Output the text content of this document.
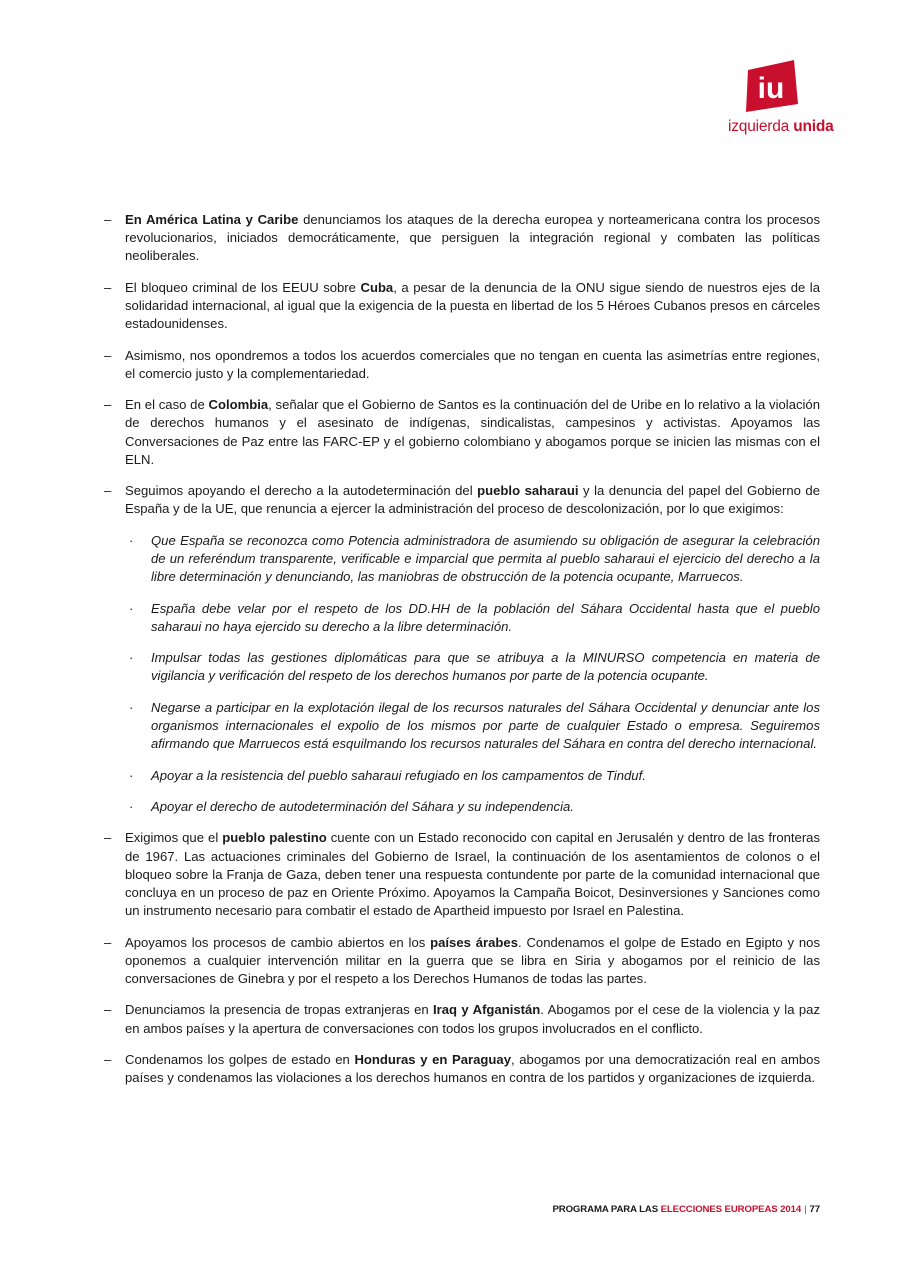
iu
izquierda unida
– En América Latina y Caribe denunciamos los ataques de la derecha europea y norteamericana contra los procesos revolucionarios, iniciados democráticamente, que persiguen la integración regional y combaten las políticas neoliberales.
– El bloqueo criminal de los EEUU sobre Cuba, a pesar de la denuncia de la ONU sigue siendo de nuestros ejes de la solidaridad internacional, al igual que la exigencia de la puesta en libertad de los 5 Héroes Cubanos presos en cárceles estadounidenses.
– Asimismo, nos opondremos a todos los acuerdos comerciales que no tengan en cuenta las asimetrías entre regiones, el comercio justo y la complementariedad.
– En el caso de Colombia, señalar que el Gobierno de Santos es la continuación del de Uribe en lo relativo a la violación de derechos humanos y el asesinato de indígenas, sindicalistas, campesinos y activistas. Apoyamos las Conversaciones de Paz entre las FARC-EP y el gobierno colombiano y abogamos porque se inicien las mismas con el ELN.
– Seguimos apoyando el derecho a la autodeterminación del pueblo saharaui y la denuncia del papel del Gobierno de España y de la UE, que renuncia a ejercer la administración del proceso de descolonización, por lo que exigimos:
· Que España se reconozca como Potencia administradora de asumiendo su obligación de asegurar la celebración de un referéndum transparente, verificable e imparcial que permita al pueblo saharaui el ejercicio del derecho a la libre determinación y denunciando, las maniobras de obstrucción de la potencia ocupante, Marruecos.
· España debe velar por el respeto de los DD.HH de la población del Sáhara Occidental hasta que el pueblo saharaui no haya ejercido su derecho a la libre determinación.
· Impulsar todas las gestiones diplomáticas para que se atribuya a la MINURSO competencia en materia de vigilancia y verificación del respeto de los derechos humanos por parte de la potencia ocupante.
· Negarse a participar en la explotación ilegal de los recursos naturales del Sáhara Occidental y denunciar ante los organismos internacionales el expolio de los mismos por parte de cualquier Estado o empresa. Seguiremos afirmando que Marruecos está esquilmando los recursos naturales del Sáhara en contra del derecho internacional.
· Apoyar a la resistencia del pueblo saharaui refugiado en los campamentos de Tinduf.
· Apoyar el derecho de autodeterminación del Sáhara y su independencia.
– Exigimos que el pueblo palestino cuente con un Estado reconocido con capital en Jerusalén y dentro de las fronteras de 1967. Las actuaciones criminales del Gobierno de Israel, la continuación de los asentamientos de colonos o el bloqueo sobre la Franja de Gaza, deben tener una respuesta contundente por parte de la comunidad internacional que concluya en un proceso de paz en Oriente Próximo. Apoyamos la Campaña Boicot, Desinversiones y Sanciones como un instrumento necesario para combatir el estado de Apartheid impuesto por Israel en Palestina.
– Apoyamos los procesos de cambio abiertos en los países árabes. Condenamos el golpe de Estado en Egipto y nos oponemos a cualquier intervención militar en la guerra que se libra en Siria y abogamos por el reinicio de las conversaciones de Ginebra y por el respeto a los Derechos Humanos de todas las partes.
– Denunciamos la presencia de tropas extranjeras en Iraq y Afganistán. Abogamos por el cese de la violencia y la paz en ambos países y la apertura de conversaciones con todos los grupos involucrados en el conflicto.
– Condenamos los golpes de estado en Honduras y en Paraguay, abogamos por una democratización real en ambos países y condenamos las violaciones a los derechos humanos en contra de los partidos y organizaciones de izquierda.
PROGRAMA PARA LAS ELECCIONES EUROPEAS 2014 | 77
